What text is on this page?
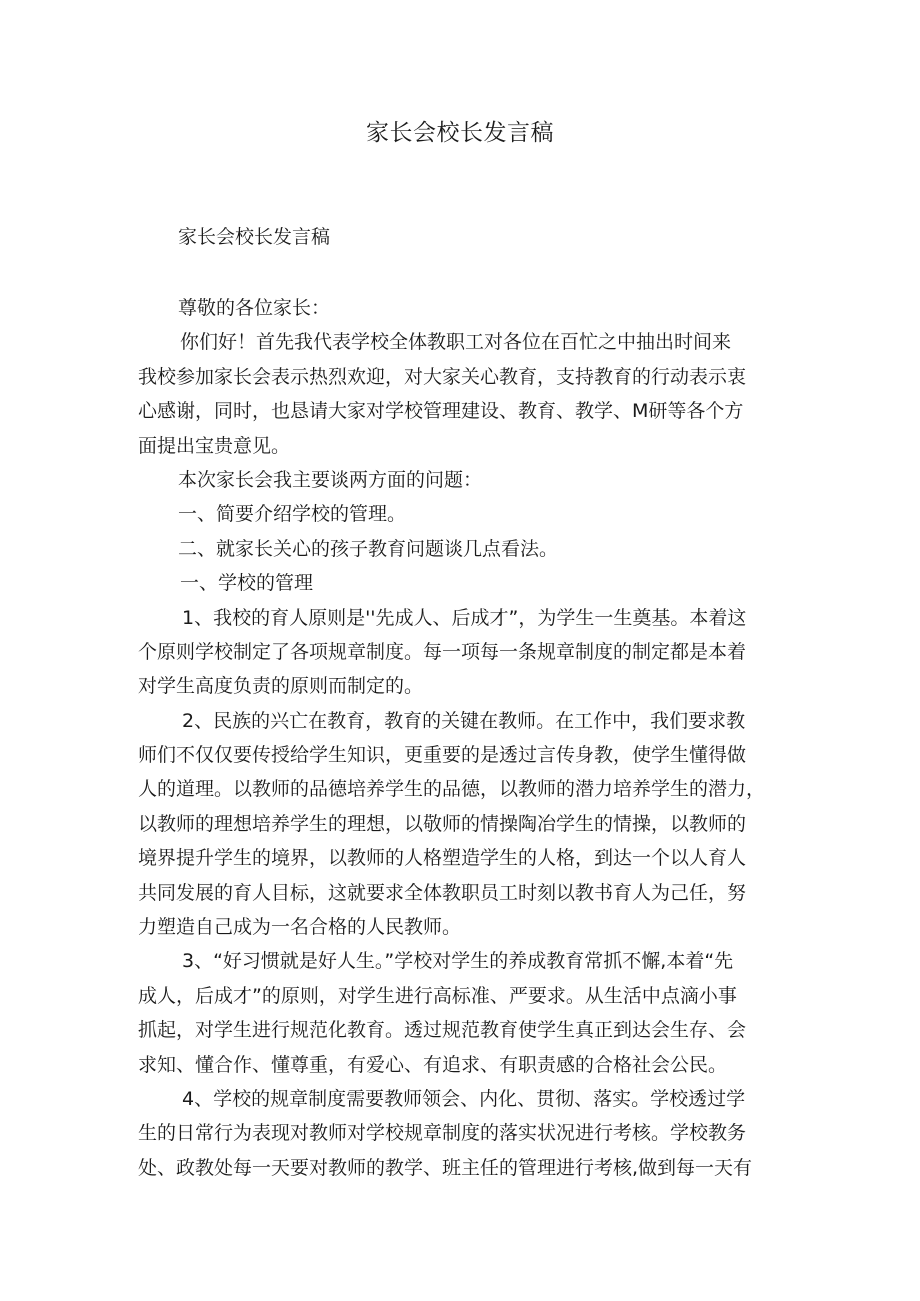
家长会校长发言稿
家长会校长发言稿
尊敬的各位家长：
你们好！首先我代表学校全体教职工对各位在百忙之中抽出时间来
我校参加家长会表示热烈欢迎，对大家关心教育，支持教育的行动表示衷
心感谢，同时，也恳请大家对学校管理建设、教育、教学、M研等各个方
面提出宝贵意见。
本次家长会我主要谈两方面的问题：
一、简要介绍学校的管理。
二、就家长关心的孩子教育问题谈几点看法。
一、学校的管理
1、我校的育人原则是''先成人、后成才”，为学生一生奠基。本着这
个原则学校制定了各项规章制度。每一项每一条规章制度的制定都是本着
对学生高度负责的原则而制定的。
2、民族的兴亡在教育，教育的关键在教师。在工作中，我们要求教
师们不仅仅要传授给学生知识，更重要的是透过言传身教，使学生懂得做
人的道理。以教师的品德培养学生的品德，以教师的潜力培养学生的潜力，
以教师的理想培养学生的理想，以敬师的情操陶冶学生的情操，以教师的
境界提升学生的境界，以教师的人格塑造学生的人格，到达一个以人育人
共同发展的育人目标，这就要求全体教职员工时刻以教书育人为己任，努
力塑造自己成为一名合格的人民教师。
3、“好习惯就是好人生。”学校对学生的养成教育常抓不懈,本着“先
成人，后成才”的原则，对学生进行高标准、严要求。从生活中点滴小事
抓起，对学生进行规范化教育。透过规范教育使学生真正到达会生存、会
求知、懂合作、懂尊重，有爱心、有追求、有职责感的合格社会公民。
4、学校的规章制度需要教师领会、内化、贯彻、落实。学校透过学
生的日常行为表现对教师对学校规章制度的落实状况进行考核。学校教务
处、政教处每一天要对教师的教学、班主任的管理进行考核,做到每一天有
